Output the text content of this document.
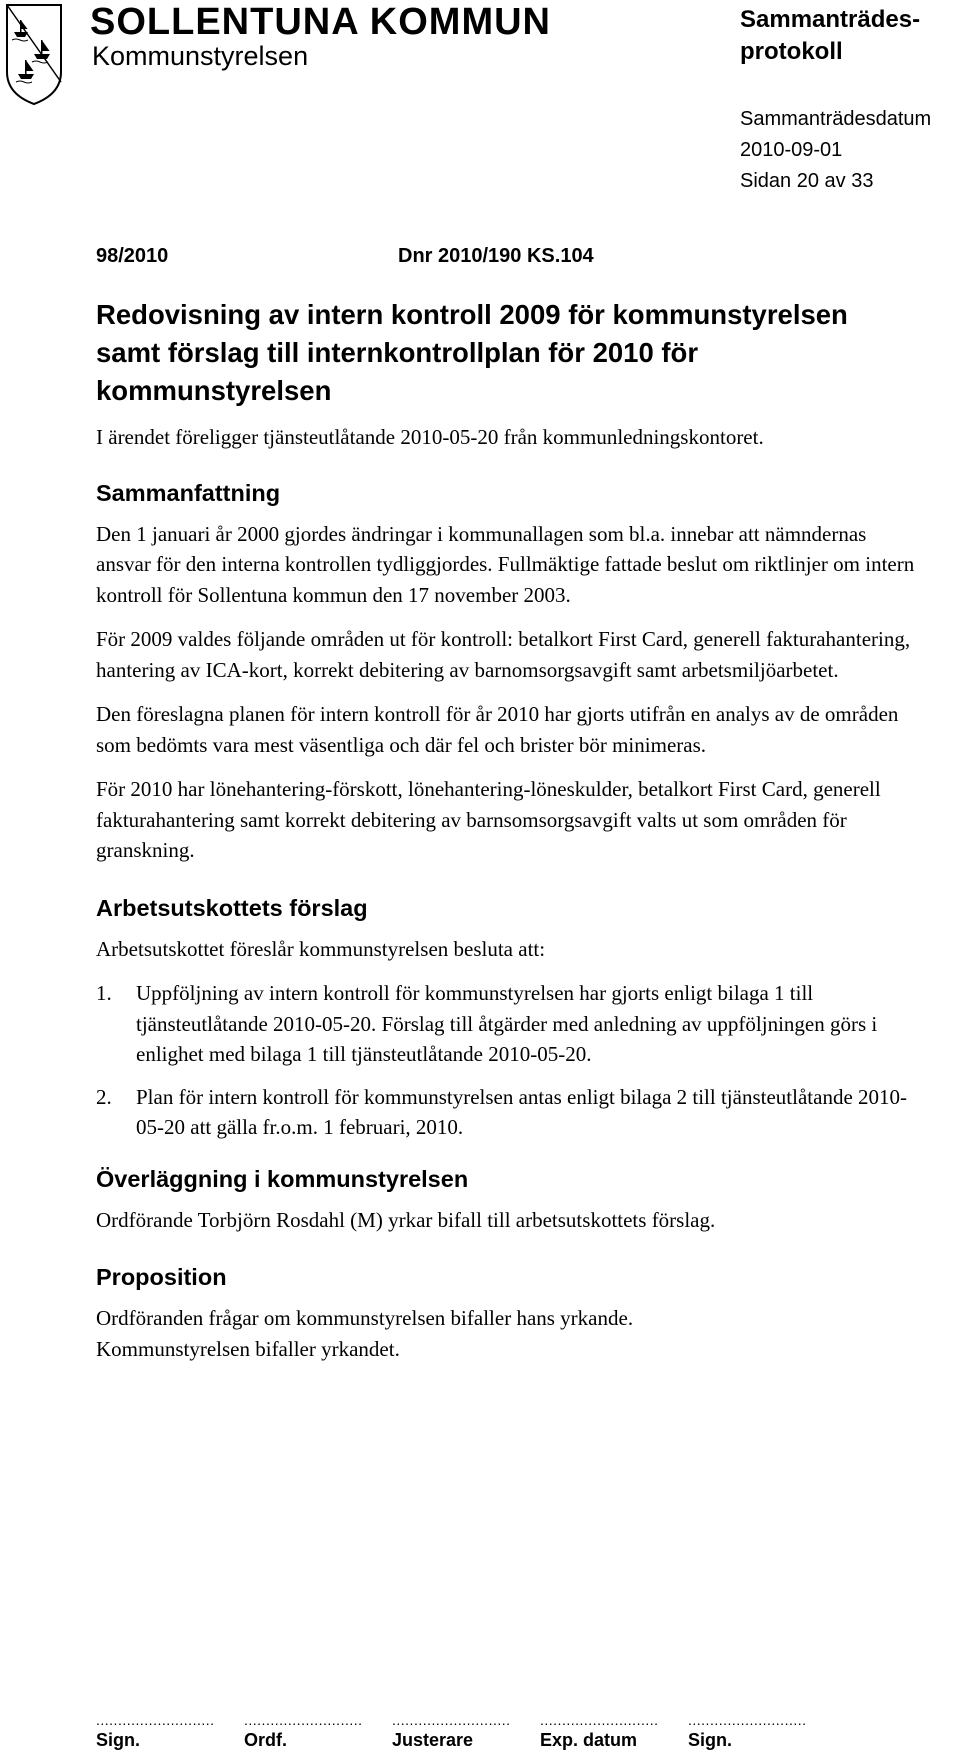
SOLLENTUNA KOMMUN
Kommunstyrelsen
Sammanträdes-protokoll
Sammanträdesdatum
2010-09-01
Sidan 20 av 33
98/2010	Dnr 2010/190 KS.104
Redovisning av intern kontroll 2009 för kommunstyrelsen samt förslag till internkontrollplan för 2010 för kommunstyrelsen

I ärendet föreligger tjänsteutlåtande 2010-05-20 från kommunledningskontoret.

Sammanfattning

Den 1 januari år 2000 gjordes ändringar i kommunallagen som bl.a. innebar att nämndernas ansvar för den interna kontrollen tydliggjordes. Fullmäktige fattade beslut om riktlinjer om intern kontroll för Sollentuna kommun den 17 november 2003.

För 2009 valdes följande områden ut för kontroll: betalkort First Card, generell fakturahantering, hantering av ICA-kort, korrekt debitering av barnomsorgsavgift samt arbetsmiljöarbetet.

Den föreslagna planen för intern kontroll för år 2010 har gjorts utifrån en analys av de områden som bedömts vara mest väsentliga och där fel och brister bör minimeras.

För 2010 har lönehantering-förskott, lönehantering-löneskulder, betalkort First Card, generell fakturahantering samt korrekt debitering av barnsomsorgsavgift valts ut som områden för granskning.

Arbetsutskottets förslag

Arbetsutskottet föreslår kommunstyrelsen besluta att:

1. Uppföljning av intern kontroll för kommunstyrelsen har gjorts enligt bilaga 1 till tjänsteutlåtande 2010-05-20. Förslag till åtgärder med anledning av uppföljningen görs i enlighet med bilaga 1 till tjänsteutlåtande 2010-05-20.
2. Plan för intern kontroll för kommunstyrelsen antas enligt bilaga 2 till tjänsteutlåtande 2010-05-20 att gälla fr.o.m. 1 februari, 2010.
Överläggning i kommunstyrelsen

Ordförande Torbjörn Rosdahl (M) yrkar bifall till arbetsutskottets förslag.

Proposition

Ordföranden frågar om kommunstyrelsen bifaller hans yrkande.
Kommunstyrelsen bifaller yrkandet.

...........................
Sign.
...........................
Ordf.
...........................
Justerare
...........................
Exp. datum
...........................
Sign.
